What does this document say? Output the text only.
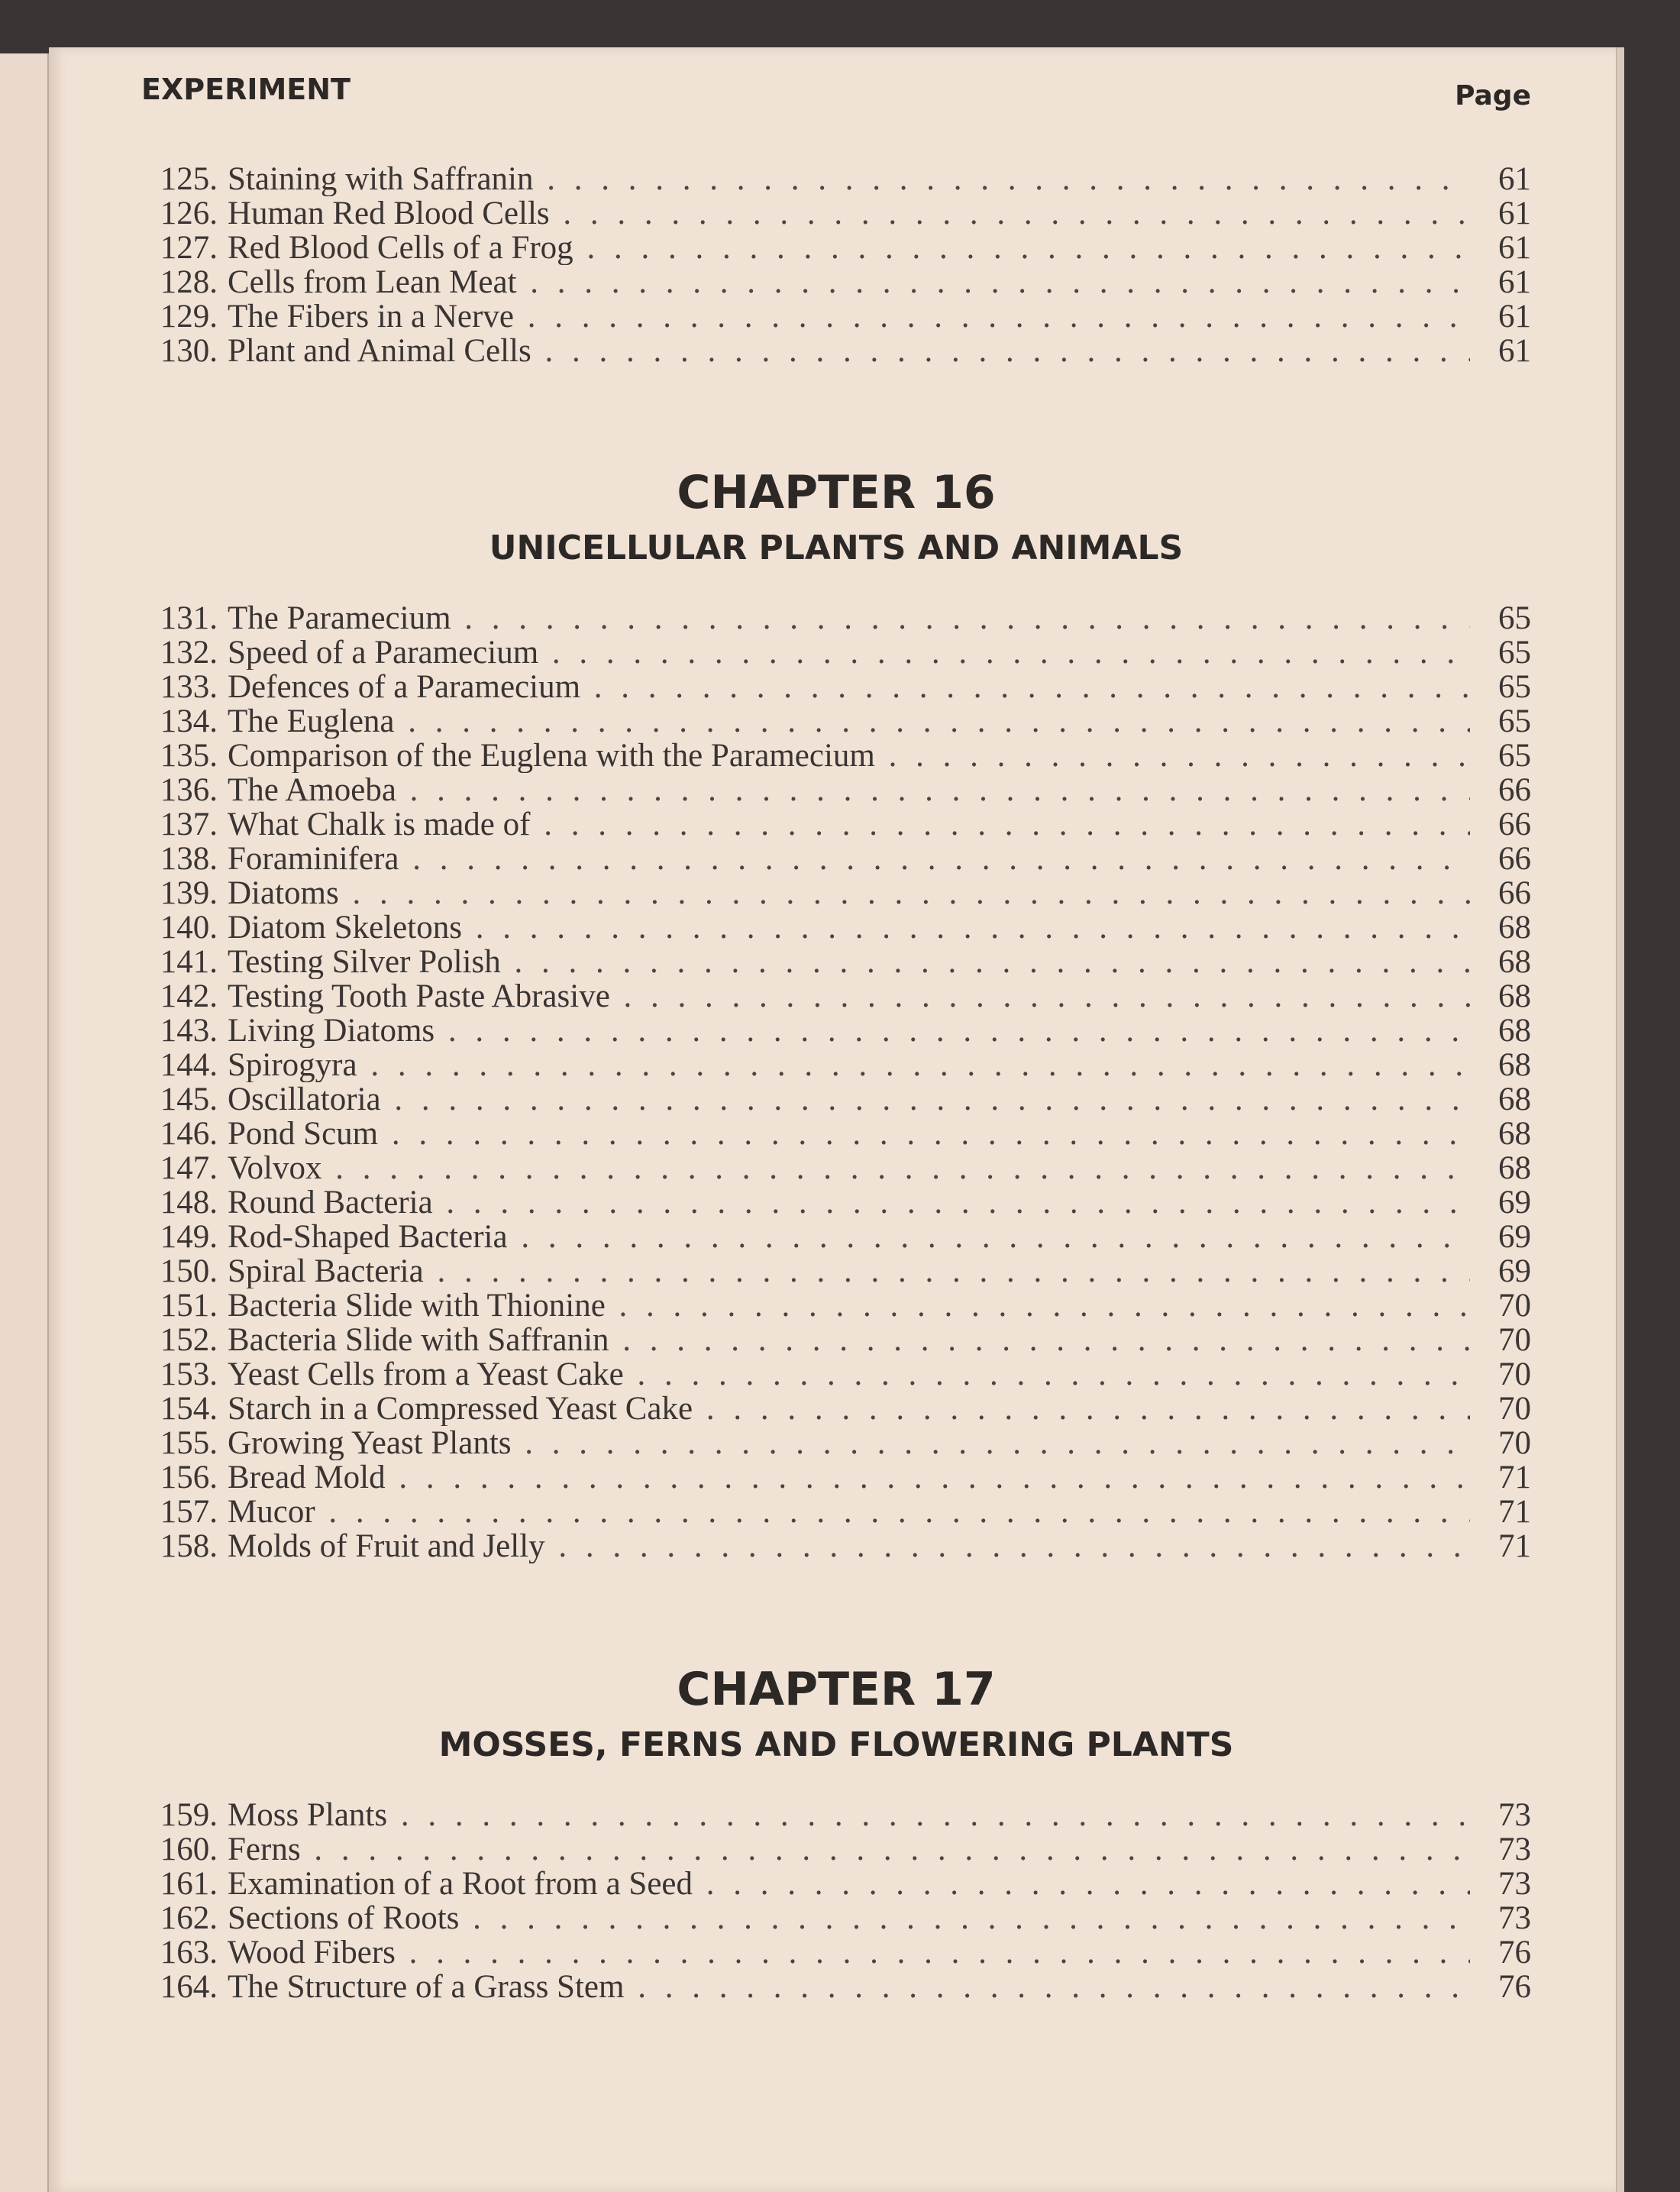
EXPERIMENT	Page
125. Staining with Saffranin . .	61
126. Human Red Blood Cells . .	61
127. Red Blood Cells of a Frog . .	61
128. Cells from Lean Meat . .	61
129. The Fibers in a Nerve . .	61
130. Plant and Animal Cells . .	61
CHAPTER 16
UNICELLULAR PLANTS AND ANIMALS
131. The Paramecium . .	65
132. Speed of a Paramecium . .	65
133. Defences of a Paramecium . .	65
134. The Euglena . .	65
135. Comparison of the Euglena with the Paramecium . .	65
136. The Amoeba . .	66
137. What Chalk is made of . .	66
138. Foraminifera . .	66
139. Diatoms . .	66
140. Diatom Skeletons . .	68
141. Testing Silver Polish . .	68
142. Testing Tooth Paste Abrasive . .	68
143. Living Diatoms . .	68
144. Spirogyra . .	68
145. Oscillatoria . .	68
146. Pond Scum . .	68
147. Volvox . .	68
148. Round Bacteria . .	69
149. Rod-Shaped Bacteria . .	69
150. Spiral Bacteria . .	69
151. Bacteria Slide with Thionine . .	70
152. Bacteria Slide with Saffranin . .	70
153. Yeast Cells from a Yeast Cake . .	70
154. Starch in a Compressed Yeast Cake . .	70
155. Growing Yeast Plants . .	70
156. Bread Mold . .	71
157. Mucor . .	71
158. Molds of Fruit and Jelly . .	71
CHAPTER 17
MOSSES, FERNS AND FLOWERING PLANTS
159. Moss Plants . .	73
160. Ferns . .	73
161. Examination of a Root from a Seed . .	73
162. Sections of Roots . .	73
163. Wood Fibers . .	76
164. The Structure of a Grass Stem . .	76
